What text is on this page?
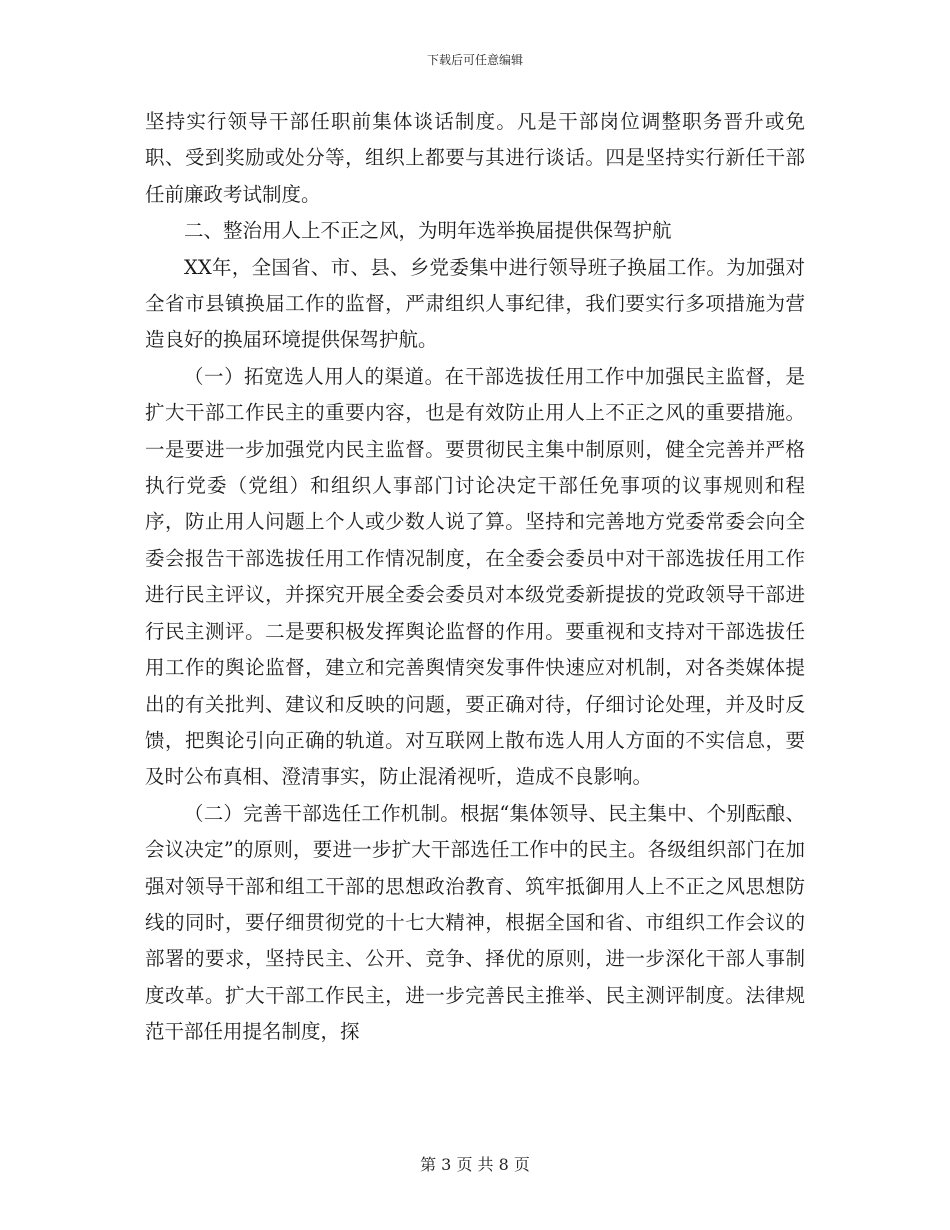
下载后可任意编辑

坚持实行领导干部任职前集体谈话制度。凡是干部岗位调整职务晋升或免职、受到奖励或处分等，组织上都要与其进行谈话。四是坚持实行新任干部任前廉政考试制度。

二、整治用人上不正之风，为明年选举换届提供保驾护航

XX年，全国省、市、县、乡党委集中进行领导班子换届工作。为加强对全省市县镇换届工作的监督，严肃组织人事纪律，我们要实行多项措施为营造良好的换届环境提供保驾护航。

（一）拓宽选人用人的渠道。在干部选拔任用工作中加强民主监督，是扩大干部工作民主的重要内容，也是有效防止用人上不正之风的重要措施。一是要进一步加强党内民主监督。要贯彻民主集中制原则，健全完善并严格执行党委（党组）和组织人事部门讨论决定干部任免事项的议事规则和程序，防止用人问题上个人或少数人说了算。坚持和完善地方党委常委会向全委会报告干部选拔任用工作情况制度，在全委会委员中对干部选拔任用工作进行民主评议，并探究开展全委会委员对本级党委新提拔的党政领导干部进行民主测评。二是要积极发挥舆论监督的作用。要重视和支持对干部选拔任用工作的舆论监督，建立和完善舆情突发事件快速应对机制，对各类媒体提出的有关批判、建议和反映的问题，要正确对待，仔细讨论处理，并及时反馈，把舆论引向正确的轨道。对互联网上散布选人用人方面的不实信息，要及时公布真相、澄清事实，防止混淆视听，造成不良影响。

（二）完善干部选任工作机制。根据“集体领导、民主集中、个别酝酿、会议决定”的原则，要进一步扩大干部选任工作中的民主。各级组织部门在加强对领导干部和组工干部的思想政治教育、筑牢抵御用人上不正之风思想防线的同时，要仔细贯彻党的十七大精神，根据全国和省、市组织工作会议的部署的要求，坚持民主、公开、竞争、择优的原则，进一步深化干部人事制度改革。扩大干部工作民主，进一步完善民主推举、民主测评制度。法律规范干部任用提名制度，探

第 3 页 共 8 页
